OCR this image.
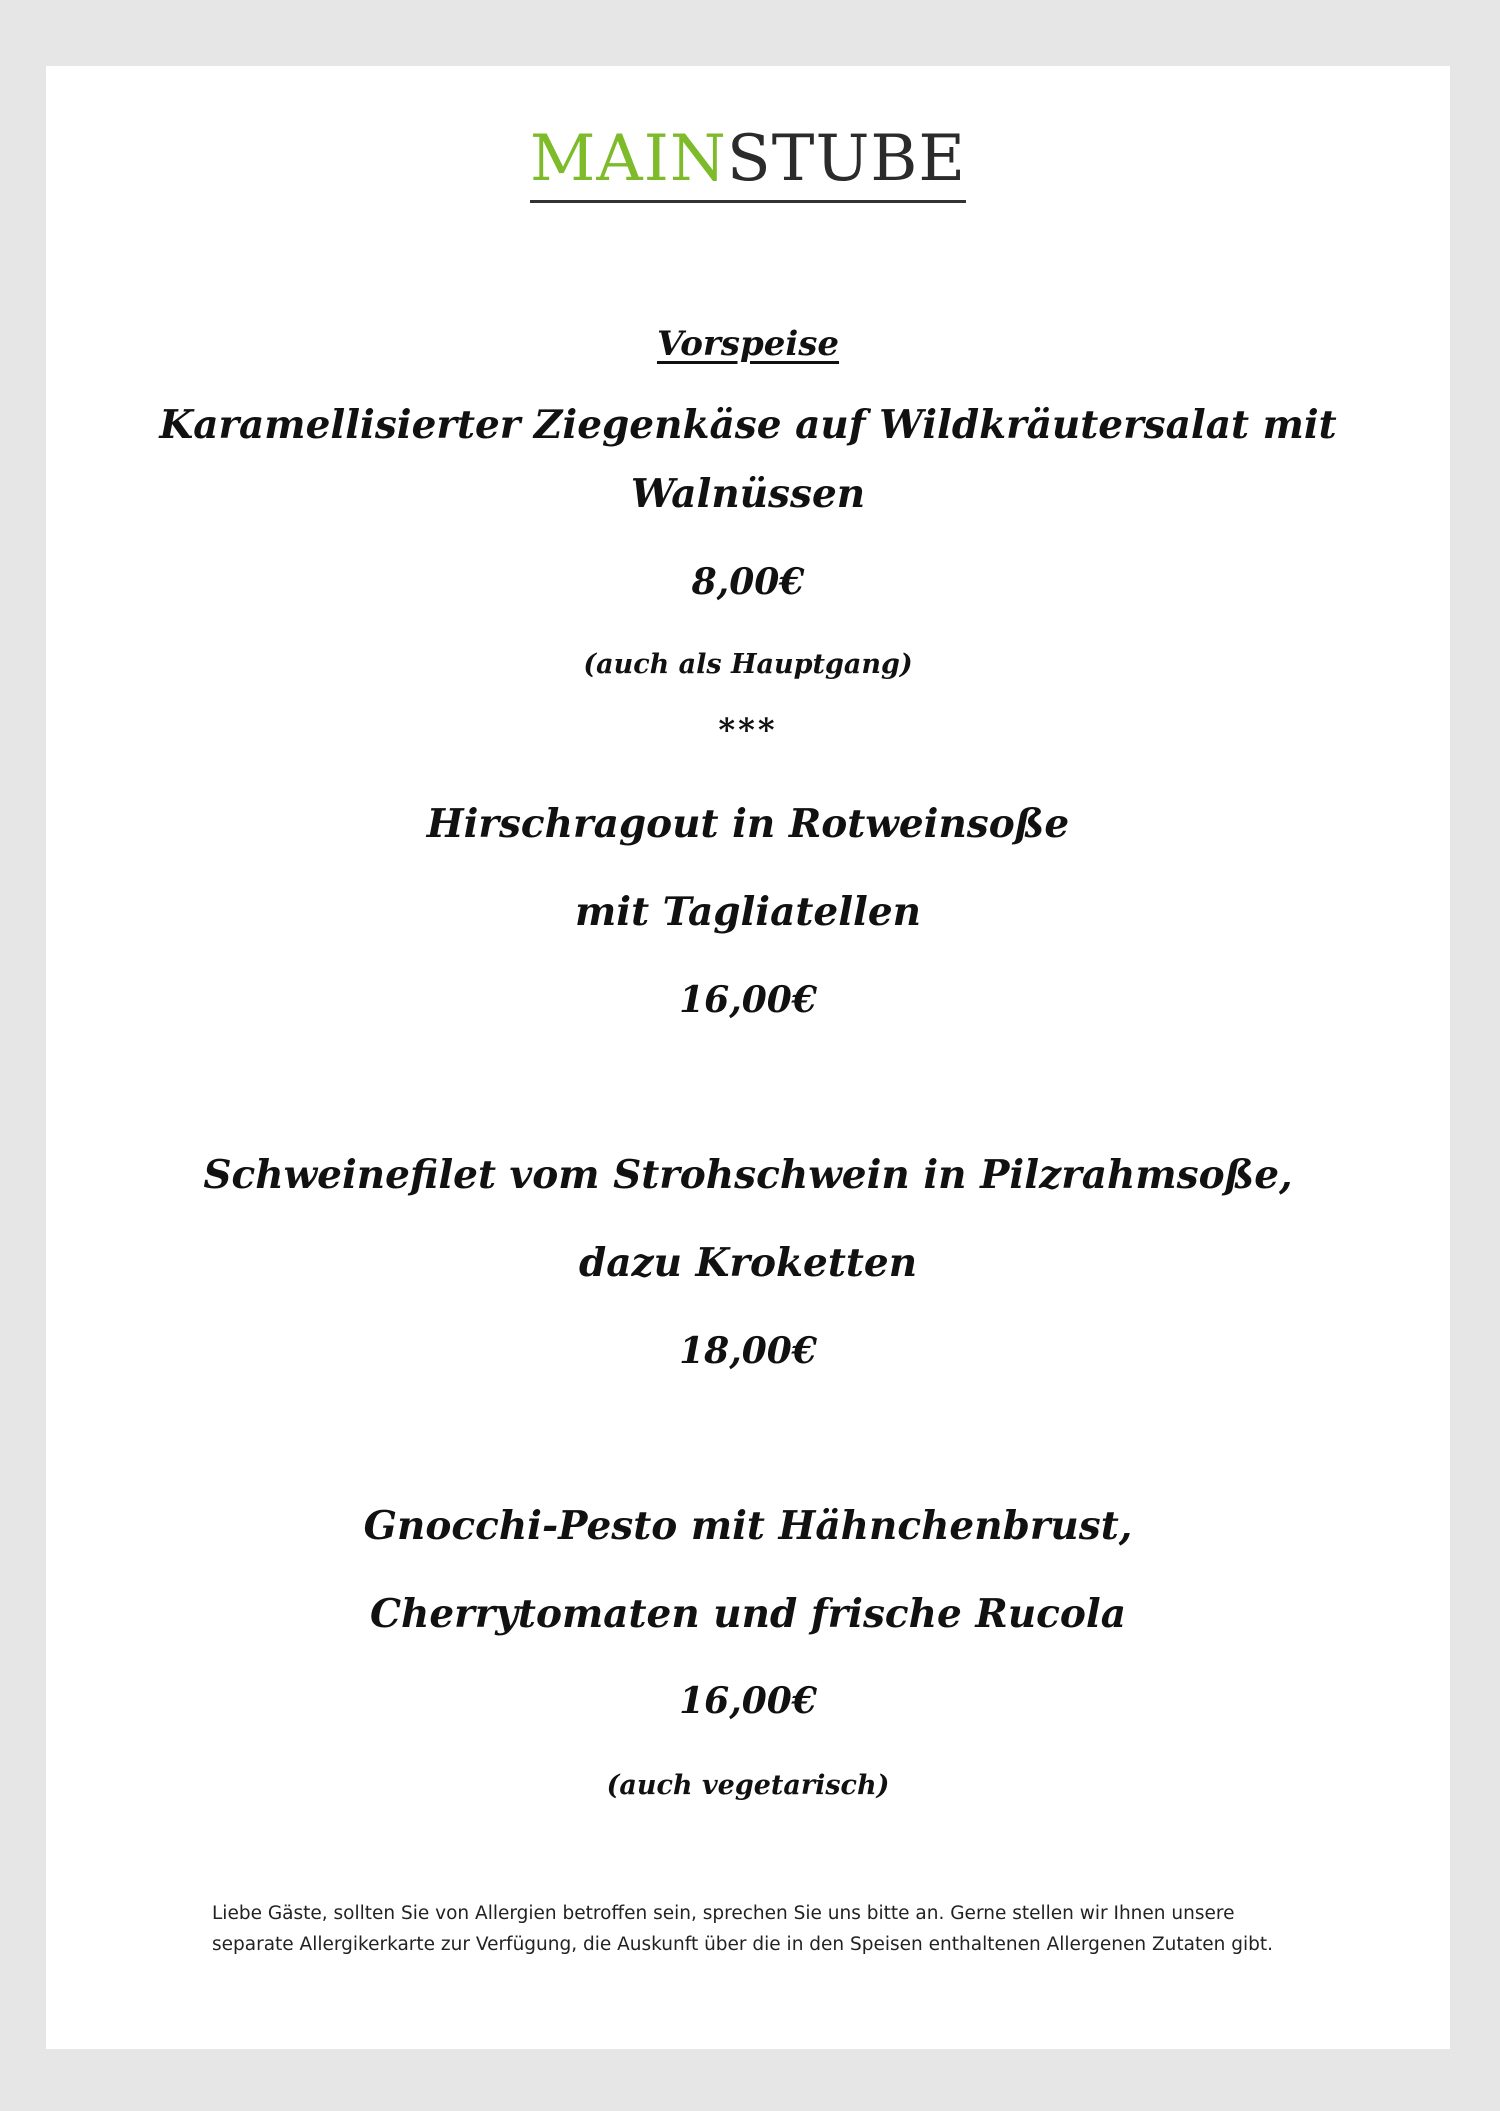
MAINSTUBE
Vorspeise
Karamellisierter Ziegenkäse auf Wildkräutersalat mit
Walnüssen
8,00€
(auch als Hauptgang)
***
Hirschragout in Rotweinsoße
mit Tagliatellen
16,00€
Schweinefilet vom Strohschwein in Pilzrahmsoße,
dazu Kroketten
18,00€
Gnocchi-Pesto mit Hähnchenbrust,
Cherrytomaten und frische Rucola
16,00€
(auch vegetarisch)
Liebe Gäste, sollten Sie von Allergien betroffen sein, sprechen Sie uns bitte an. Gerne stellen wir Ihnen unsere
separate Allergikerkarte zur Verfügung, die Auskunft über die in den Speisen enthaltenen Allergenen Zutaten gibt.
